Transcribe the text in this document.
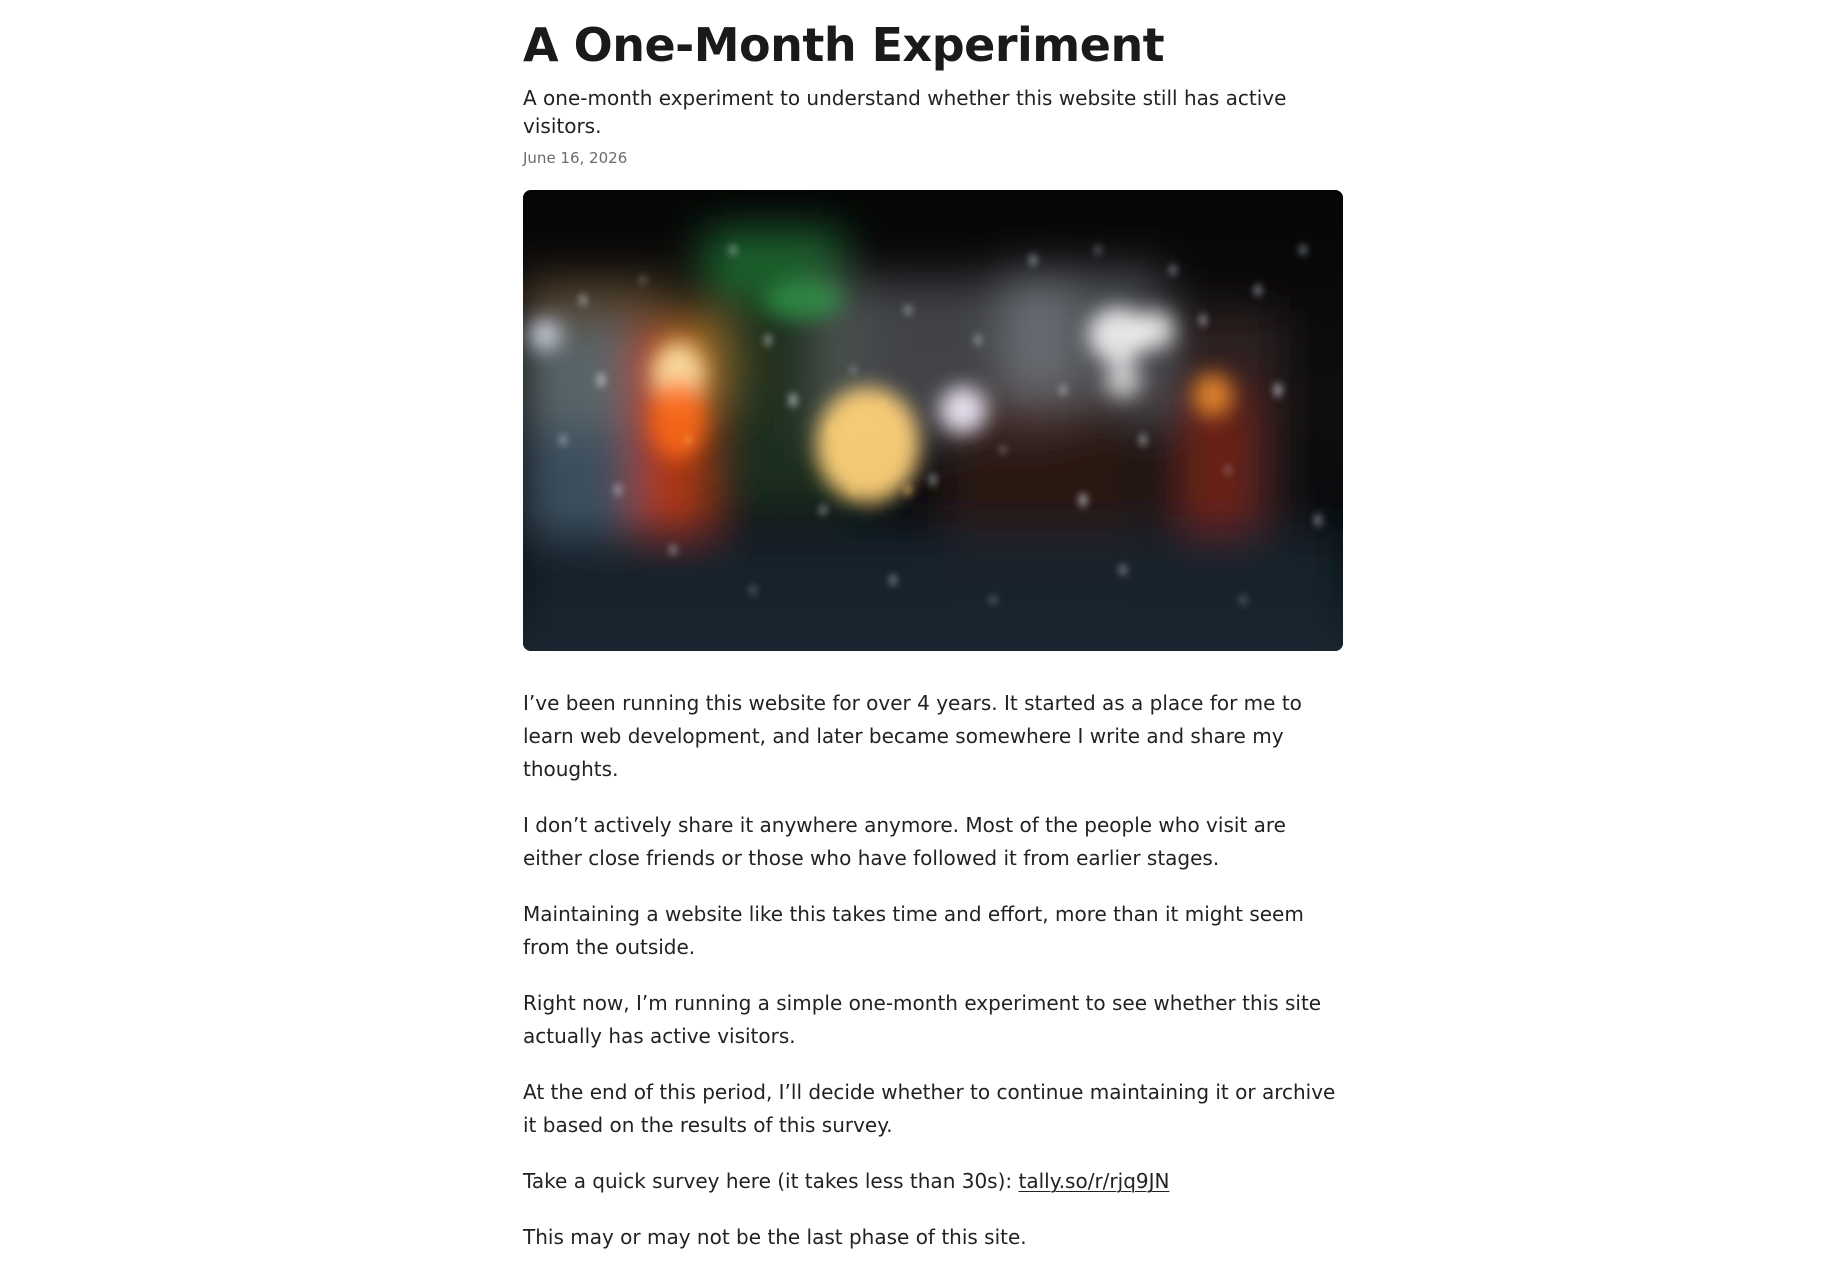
A One-Month Experiment

A one-month experiment to understand whether this website still has active visitors.

June 16, 2026

I’ve been running this website for over 4 years. It started as a place for me to learn web development, and later became somewhere I write and share my thoughts.

I don’t actively share it anywhere anymore. Most of the people who visit are either close friends or those who have followed it from earlier stages.

Maintaining a website like this takes time and effort, more than it might seem from the outside.

Right now, I’m running a simple one-month experiment to see whether this site actually has active visitors.

At the end of this period, I’ll decide whether to continue maintaining it or archive it based on the results of this survey.

Take a quick survey here (it takes less than 30s): tally.so/r/rjq9JN

This may or may not be the last phase of this site.
